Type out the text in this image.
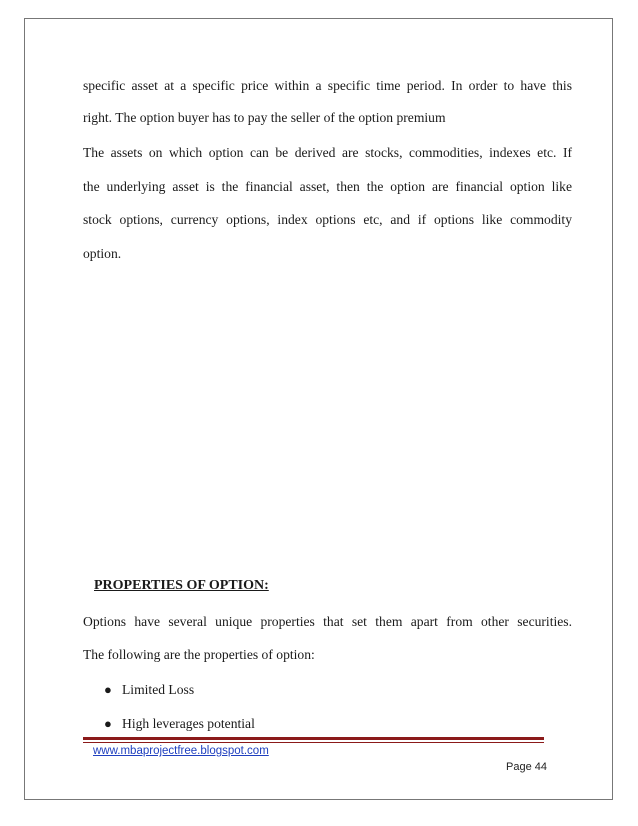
specific asset at a specific price within a specific time period. In order to have this
right. The option buyer has to pay the seller of the option premium
The assets on which option can be derived are stocks, commodities, indexes etc. If
the underlying asset is the financial asset, then the option are financial option like
stock options, currency options, index options etc, and if options like commodity
option.
PROPERTIES OF OPTION:
Options have several unique properties that set them apart from other securities.
The following are the properties of option:
● Limited Loss
● High leverages potential
www.mbaprojectfree.blogspot.com
Page 44
